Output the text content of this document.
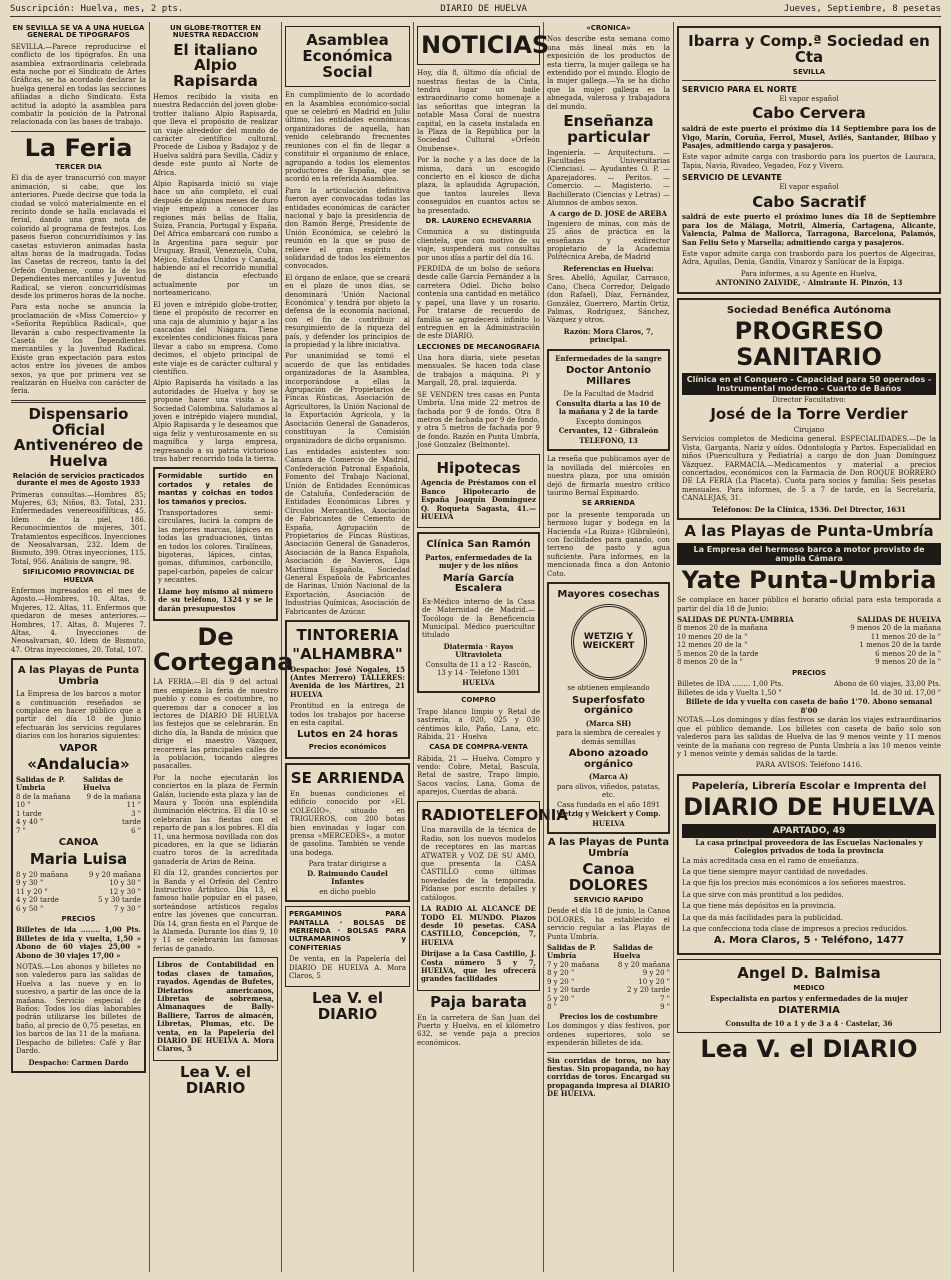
Suscripción: Huelva, mes, 2 pts.	DIARIO DE HUELVA	Jueves, Septiembre, 8 pesetas
EN SEVILLA SE VA A UNA HUELGA GENERAL DE TIPOGRAFOS

SEVILLA.—Parece reproducirse el conflicto de los tipógrafos. En una asamblea extraordinaria celebrada esta noche por el Sindicato de Artes Gráficas, se ha acordado declarar la huelga general en todas las secciones afiliadas a dicho Sindicato. Esta actitud la adoptó la asamblea para combatir la posición de la Patronal relacionada con las bases de trabajo.

La Feria
TERCER DIA

El dia de ayer transcurrió con mayor animación, si cabe, que los anteriores. Puede decirse que toda la ciudad se volcó materialmente en el recinto donde se halla enclavada el ferial, dando una gran nota de colorido al programa de festejos. Los paseos fueron concurridísimos y las casetas estuvieron animadas hasta altas horas de la madrugada. Todas las Casetas de recreos, tanto la del Orfeón Onubense, como la de los Dependientes mercantiles y Juventud Radical, se vieron concurridísimas desde los primeros horas de la noche.

Para esta noche se anuncia la proclamación de «Miss Comercio» y «Señorita República Radical», que llevarán a cabo respectivamente la Casetá de los Dependientes mercantiles y la Juventud Radical. Existe gran expectación para estos actos entre los jóvenes de ambos sexos, ya que por primera vez se realizarán en Huelva con carácter de feria.

Dispensario Oficial Antivenéreo de Huelva
Relación de servicios practicados durante el mes de Agosto 1933

Primeras consultas.—Hombres 85; Mujeres, 63; Niños, 83. Total, 231. Enfermedades venereosifilíticas, 45. Idem de la piel, 186. Reconocimientos de mujeres, 301. Tratamientos específicos. Inyecciones de Neosalvarsan, 232. Idem de Bismuto, 399. Otras inyecciones, 115. Total, 956. Análisis de sangre, 98.

SIFILICOMIO PROVINCIAL DE HUELVA

Enfermos ingresados en el mes de Agosto.—Hombres, 10. Altas, 9. Mujeres, 12. Altas, 11. Enfermos que quedaron de meses anteriores.—Hombres, 17. Altas, 8. Mujeres 7. Altas, 4. Inyecciones de Neosalvarsan, 40. Idem de Bismuto, 47. Otras inyecciones, 20. Total, 107.

A las Playas de Punta Umbria

La Empresa de los barcos a motor a continuación reseñados se complace en hacer público que a partir del día 18 de Junio efectuarán los servicios regulares diarios con los horarios siguientes:

VAPOR
«Andalucia»
Salidas de P. Umbria
Salidas de Huelva
8 de la mañana 9 de la mañana
10 "	11 "
1 tarde	3 "
4 y 40 "	tarde
7 "	6 "
CANOA
Maria Luisa
8 y 20 mañana	9 y 20 mañana
9 y 30 "	10 y 30 "
11 y 20 "	12 y 30 "
4 y 20 tarde	5 y 30 tarde
6 y 50 "	7 y 30 "
PRECIOS

Billetes de ida ........ 1,00 Pts. Billetes de ida y vuelta, 1,50 » Abono de 60 viajes 25,00 » Abono de 30 viajes 17,00 »

NOTAS.—Los abonos y billetes no son valederos para las salidas de Huelva a las nueve y en lo sucesivo, a partir de las once de la mañana. Servicio especial de Baños: Todos los días laborables podrán utilizarse los billetes de baño, al precio de 0,75 pesetas, en los barcos de las 11 de la mañana. Despacho de billetes: Café y Bar Dardo.

Despacho: Carmen Dardo
UN GLOBE-TROTTER EN NUESTRA REDACCION
El italiano Alpio Rapisarda

Hemos recibido la visita en nuestra Redacción del joven globe-trotter italiano Alpio Rapisarda, que lleva el propósito de realizar un viaje alrededor del mundo de carácter científico cultural. Procede de Lisboa y Badajoz y de Huelva saldrá para Sevilla, Cádiz y desde este punto al Norte de Africa.

Alpio Rapisarda inició su viaje hace un año completo, el cual después de algunos meses de duro viaje empezó a conocer las regiones más bellas de Italia, Suiza, Francia, Portugal y España. Del Africa embarcará con rumbo a la Argentina para seguir por Uruguay, Brasil, Venezuela, Cuba, Méjico, Estados Unidos y Canadá, habiendo así el recorrido mundial de distancia efectuado actualmente por un norteamericano.

El joven e intrépido globe-trotter, tiene el propósito de recorrer en una caja de aluminio y bajar a las cascadas del Niágara. Tiene excelentes condiciones físicas para llevar a cabo su empresa. Como decimos, el objeto principal de este viaje es de carácter cultural y científico.

Alpio Rapisarda ha visitado a las autoridades de Huelva y hoy se propone hacer una visita a la Sociedad Colombina. Saludamos al joven e intrépido viajero mundial, Alpio Rapisarda y le deseamos que siga feliz y venturosamente en su magnífica y larga empresa, regresando a su patria victorioso tras haber recorrido toda la tierra.

Formidable surtido en cortados y retales de mantas y colchas en todos los tamaños y precios.

Transportadores semi-circulares, lucirá la compra de las mejores marcas, lápices en todas las graduaciones, tintas en todos los colores. Tiralíneas, bigoteras, lápices, cintas, gomas, difuminos, carboncillo, papel-carbón, papeles de calcar y secantes.

Llame hoy mismo al número de su teléfono, 1324 y se le darán presupuestos

De Cortegana

LA FERIA.—El día 9 del actual mes empieza la feria de nuestro pueblo y como es costumbre, no queremos dar a conocer a los lectores de DIARIO DE HUELVA los festejos que se celebrarán. En dicho día, la Banda de música que dirige el maestro Vázquez, recorrerá las principales calles de la población, tocando alegres pasacalles.

Por la noche ejecutarán los conciertos en la plaza de Fermín Galán, luciendo esta plaza y las de Maura y Tocón una espléndida iluminación eléctrica. El día 10 se celebrarán las fiestas con el reparto de pan a los pobres. El día 11, una hermosa novillada con dos picadores, en la que se lidiarán cuatro toros de la acreditada ganadería de Arias de Reina.

El día 12, grandes conciertos por la Banda y el Orfeón del Centro Instructivo Artístico. Día 13, el famoso baile popular en el paseo, sorteándose artísticos regalos entre las jóvenes que concurran. Día 14, gran fiesta en el Parque de la Alameda. Durante los días 9, 10 y 11 se celebrarán las famosas ferias de ganado.

Libros de Contabilidad en todas clases de tamaños, rayados. Agendas de Bufetes, Dietarios americanos, Libretas de sobremesa, Almanaques de Bally-Balliere, Tarros de almacén, Libretas, Plumas, etc. De venta, en la Papelería del DIARIO DE HUELVA A. Mora Claros, 5

Lea V. el DIARIO
Asamblea Económica Social

En cumplimiento de lo acordado en la Asamblea económico-social que se celebró en Madrid en Julio último, las entidades económicas organizadoras de aquella, han venido celebrando frecuentes reuniones con el fin de llegar a constituir el organismo de enlace, agrupando a todos los elementos productores de España, que se acordó en la referida Asamblea.

Para la articulación definitiva fueron ayer convocadas todas las entidades económicas de carácter nacional y bajo la presidencia de don Ramón Bergé, Presidente de Unión Económica, se celebró la reunión en la que se puso de relieve el gran espíritu de solidaridad de todos los elementos convocados.

El órgano de enlace, que se creará en el plazo de unos días, se denominará 'Unión Nacional Económica' y tendrá por objeto la defensa de la economía nacional, con el fin de contribuir al resurgimiento de la riqueza del país, y defender los principios de la propiedad y la libre iniciativa.

Por unanimidad se tomó el acuerdo de que las entidades organizadoras de la Asamblea, incorporándose a ellas la Agrupación de Propietarios de Fincas Rústicas, Asociación de Agricultores, la Unión Nacional de la Exportación Agrícola, y la Asociación General de Ganaderos, constituyan la Comisión organizadora de dicho organismo.

Las entidades asistentes son: Cámara de Comercio de Madrid, Confederación Patronal Española, Fomento del Trabajo Nacional, Unión de Entidades Económicas de Cataluña, Confederación de Entidades Económicas Libres y Círculos Mercantiles, Asociación de Fabricantes de Cemento de España, Agrupación de Propietarios de Fincas Rústicas, Asociación General de Ganaderos, Asociación de la Banca Española, Asociación de Navieros, Liga Marítima Española, Sociedad General Española de Fabricantes de Harinas, Unión Nacional de la Exportación, Asociación de Industrias Químicas, Asociación de Fabricantes de Azúcar.

TINTORERIA
"ALHAMBRA"

Despacho: José Nogales, 15 (Antes Merrero) TALLERES: Avenida de los Mártires, 21 HUELVA

Prontitud en la entrega de todos los trabajos por hacerse en esta capital.

Lutos en 24 horas
Precios económicos
SE ARRIENDA

En buenas condiciones el edificio conocido por «EL COLEGIO», situado en TRIGUEROS, con 200 botas bien envinadas y lugar con prensa «MERCEDES», a motor de gasolina. También se vende una bodega.

Para tratar dirigirse a
D. Raimundo Caudel Infantes
en dicho pueblo

PERGAMINOS PARA PANTALLA · BOLSAS DE MERIENDA · BOLSAS PARA ULTRAMARINOS y CONFITERIAS

De venta, en la Papelería del DIARIO DE HUELVA A. Mora Claros, 5

Lea V. el DIARIO
NOTICIAS

Hoy, día 8, último día oficial de nuestras fiestas de la Cinta, tendrá lugar un baile extraordinario como homenaje a las señoritas que integran la notable Masa Coral de nuestra capital, en la caseta instalada en la Plaza de la República por la Sociedad Cultural «Orfeón Onubense».

Por la noche y a las doce de la misma, dará un escogido concierto en el kiosco de dicha plaza, la aplaudida Agrupación, que tantos laureles lleva conseguidos en cuantos actos se ha presentado.

DR. LAURENO ECHEVARRIA

Comunica a su distinguida clientela, que con motivo de su viaje, suspenderá sus consultas por unos días a partir del día 16.

PERDIDA de un bolso de señora desde calle García Fernández a la carretera Odiel. Dicho bolso contenía una cantidad en metálico y papel, una llave y un rosario. Por tratarse de recuerdo de familia se agradecerá infinito lo entreguen en la Administración de este DIARIO.

LECCIONES DE MECANOGRAFIA

Una hora diaria, siete pesetas mensuales. Se hacen toda clase de trabajos a máquina. Pi y Margall, 28, pral. izquierda.

SE VENDEN tres casas en Punta Umbría. Una mide 22 metros de fachada por 9 de fondo. Otra 8 metros de fachada por 9 de fondo, y otra 5 metros de fachada por 9 de fondo. Razón en Punta Umbría, José Gonzalez (Belmonte).

Hipotecas

Agencia de Préstamos con el Banco Hipotecario de España Joaquín Domínguez Q. Roqueta Sagasta, 41.—HUELVA

Clínica San Ramón
Partos, enfermedades de la mujer y de los niños
María García Escalera

Ex-Médico interno de la Casa de Maternidad de Madrid.—Tocólogo de la Beneficencia Municipal. Médico puericultor titulado

Diatermia · Rayos Ultravioleta
Consulta de 11 a 12 · Rascón, 13 y 14 · Teléfono 1301
HUELVA
COMPRO

Trapo blanco limpio y Retal de sastrería, a 020, 025 y 030 céntimos kilo, Paño, Lana, etc. Rábida, 21 · Huelva

CASA DE COMPRA-VENTA

Rábida, 21 — Huelva. Compro y vendo: Cobre, Metal, Bascula, Retal de sastre, Trapo limpio, Sacos vacíos, Lana, Goma de aparejos, Cuerdas de abacá.

RADIOTELEFONIA

Una maravilla de la técnica de Radio, son los nuevos modelos de receptores en las marcas ATWATER y VOZ DE SU AMO, que presenta la CASA CASTILLO como últimas novedades de la temporada. Pídanse por escrito detalles y catálogos.

LA RADIO AL ALCANCE DE TODO EL MUNDO. Plazos desde 10 pesetas. CASA CASTILLO, Concepción, 7, HUELVA

Diríjase a la Casa Castillo, J. Costa número 5 y 7, HUELVA, que les ofrecerá grandes facilidades

Paja barata

En la carretera de San Juan del Puerto y Huelva, en el kilómetro 632, se vende paja a precios económicos.

«CRONICA»

Nos describe esta semana como una más lineal más en la exposición de los productos de esta tierra, la mujer gallega se ha extendido por el mundo. Elogio de la mujer gallega.—Ya se ha dicho que la mujer gallega es la abnegada, valerosa y trabajadora del mundo.

Enseñanza particular

Ingeniería. — Arquitectura. — Facultades Universitarias (Ciencias). — Ayudantes O. P. — Aparejadores. — Peritos. — Comercio. — Magisterio. — Bachillerato (Ciencias y Letras) — Alumnos de ambos sexos.

A cargo de D. JOSE de AREBA

Ingeniero de minas, con más de 25 años de práctica en la enseñanza y exdirector propietario de la Academia Politécnica Areba, de Madrid

Referencias en Huelva:

Sres. Abelló, Aguilar, Carrasco, Cano, Checa Corredor, Delgado (don Rafael), Díaz, Fernández, González, Guerrero, Martín Ortiz, Palmas, Rodríguez, Sánchez, Vázquez y otros.

Razón: Mora Claros, 7, principal.
Enfermedades de la sangre
Doctor Antonio Millares
De la Facultad de Madrid
Consulta diaria a las 10 de la mañana y 2 de la tarde
Excepto domingos
Cervantes, 12 · Gibraleón
TELEFONO, 13

La reseña que publicamos ayer de la novillada del miércoles en nuestra plaza, por una omisión dejó de firmarla nuestro crítico taurino Bernal Espinardo.

SE ARRIENDA

por la presente temporada un hermoso lugar y bodega en la Hacienda «La Ruiza» (Gibraleón), con facilidades para ganado, con terreno de pasto y agua suficiente. Para informes, en la mencionada finca a don Antonio Coto.

Mayores cosechas
WETZIG Y WEICKERT
se obtienen empleando
Superfosfato orgánico
(Marca SH)
para la siembra de cereales y demás semillas
Abono azoado orgánico
(Marca A)
para olivos, viñedos, patatas, etc.
Casa fundada en el año 1891
Wetzig y Weickert y Comp.
HUELVA
A las Playas de Punta Umbría
Canoa DOLORES
SERVICIO RAPIDO

Desde el día 18 de junio, la Canoa DOLORES, ha establecido el servicio regular a las Playas de Punta Umbría.

Salidas de P. Umbría
Salidas de Huelva
7 y 20 mañana	8 y 20 mañana
8 y 20 "	9 y 20 "
9 y 20 "	10 y 20 "
1 y 20 tarde	2 y 20 tarde
5 y 20 "	7 "
8 "	9 "
Precios los de costumbre

Los domingos y días festivos, por ordenes superiores, solo se expenderán billetes de ida.

Sin corridas de toros, no hay fiestas. Sin propaganda, no hay corridas de toros. Encargad su propaganda impresa al DIARIO DE HUELVA.

Ibarra y Comp.ª Sociedad en Cta
SEVILLA
SERVICIO PARA EL NORTE
El vapor español
Cabo Cervera

saldrá de este puerto el próximo día 14 Septiembre para los de Vigo, Marín, Coruña, Ferrol, Musel, Avilés, Santander, Bilbao y Pasajes, admitiendo carga y pasajeros.

Este vapor admite carga con trasbordo para los puertos de Lauraca, Tapia, Navia, Rivadeo, Vegadeo, Foz y Vivero.

SERVICIO DE LEVANTE
El vapor español
Cabo Sacratif

saldrá de este puerto el próximo lunes día 18 de Septiembre para los de Málaga, Motril, Almería, Cartagena, Alicante, Valencia, Palma de Mallorca, Tarragona, Barcelona, Palamós, San Feliu Seto y Marsella; admitiendo carga y pasajeros.

Este vapor admite carga con trasbordo para los puertos de Algeciras, Adra, Aguilas, Denia, Gandía, Vinaroz y Sanlúcar de la Espiga.

Para informes, a su Agente en Huelva,
ANTONINO ZALVIDE, · Almirante H. Pinzón, 13
Sociedad Benéfica Autónoma
PROGRESO SANITARIO
Clínica en el Conquero - Capacidad para 50 operados - Instrumental moderno - Cuarto de Baños
Director Facultativo:
José de la Torre Verdier
Cirujano

Servicios completos de Medicina general. ESPECIALIDADES.—De la Vista, Garganta, Nariz y oídos. Odontología y Partos. Especialidad en niños (Puericultura y Pediatría) a cargo de don Juan Domínguez Vázquez. FARMACIA.—Medicamentos y material a precios concertados, económicos con la Farmacia de Don ROQUE BORRERO DE LA FERIA (La Placeta). Cuota para socios y familia: Seis pesetas mensuales. Para informes, de 5 a 7 de tarde, en la Secretaría, CANALEJAS, 31.

Teléfonos: De la Clínica, 1536. Del Director, 1631
A las Playas de Punta-Umbría
La Empresa del hermoso barco a motor provisto de amplia Cámara
Yate Punta-Umbria

Se complace en hacer público el horario oficial para esta temporada a partir del día 18 de Junio:

SALIDAS DE PUNTA-UMBRIA	SALIDAS DE HUELVA
8 menos 20 de la mañana	9 menos 20 de la mañana
10 menos 20 de la "	11 menos 20 de la "
12 menos 20 de la "	1 menos 20 de la tarde
5 menos 20 de la tarde	6 menos 20 de la "
8 menos 20 de la "	9 menos 20 de la "
PRECIOS
Billetes de IDA ........ 1,00 Pts.	Abono de 60 viajes, 33,00 Pts.
Billetes de ida y Vuelta 1,50 "	Id. de 30 id. 17,00 "
Billete de ida y vuelta con caseta de baño 1'70. Abono semanal 8'00

NOTAS.—Los domingos y días festivos se darán los viajes extraordinarios que el público demande. Los billetes con caseta de baño solo son valederos para las salidas de Huelva de las 9 menos veinte y 11 menos veinte de la mañana con regreso de Punta Umbría a las 10 menos veinte y 1 menos veinte y demás salidas de la tarde.

PARA AVISOS: Teléfono 1416.
Papelería, Librería Escolar e Imprenta del
DIARIO DE HUELVA
APARTADO, 49
La casa principal proveedora de las Escuelas Nacionales y Colegios privados de toda la provincia
La más acreditada casa en el ramo de enseñanza.
La que tiene siempre mayor cantidad de novedades.
La que fija los precios más económicos a los señores maestros.
La que sirve con más prontitud a los pedidos.
La que tiene más depósitos en la provincia.
La que da más facilidades para la publicidad.
La que confecciona toda clase de impresos a precios reducidos.
A. Mora Claros, 5 · Teléfono, 1477
Angel D. Balmisa
MEDICO
Especialista en partos y enfermedades de la mujer
DIATERMIA
Consulta de 10 a 1 y de 3 a 4 · Castelar, 36
Lea V. el DIARIO
